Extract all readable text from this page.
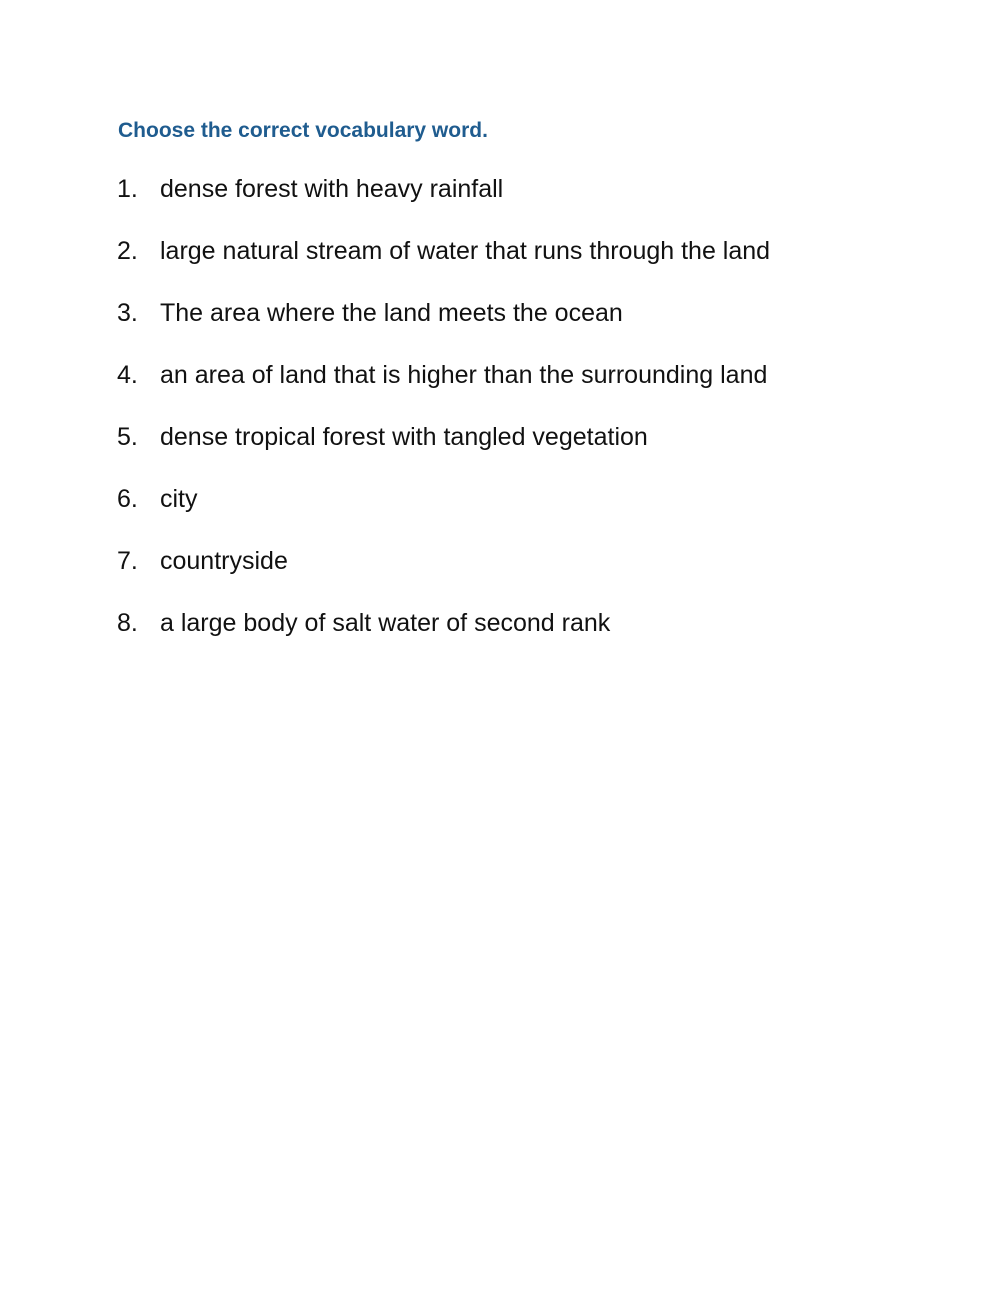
Choose the correct vocabulary word.
1. dense forest with heavy rainfall
2. large natural stream of water that runs through the land
3. The area where the land meets the ocean
4. an area of land that is higher than the surrounding land
5. dense tropical forest with tangled vegetation
6. city
7. countryside
8. a large body of salt water of second rank
